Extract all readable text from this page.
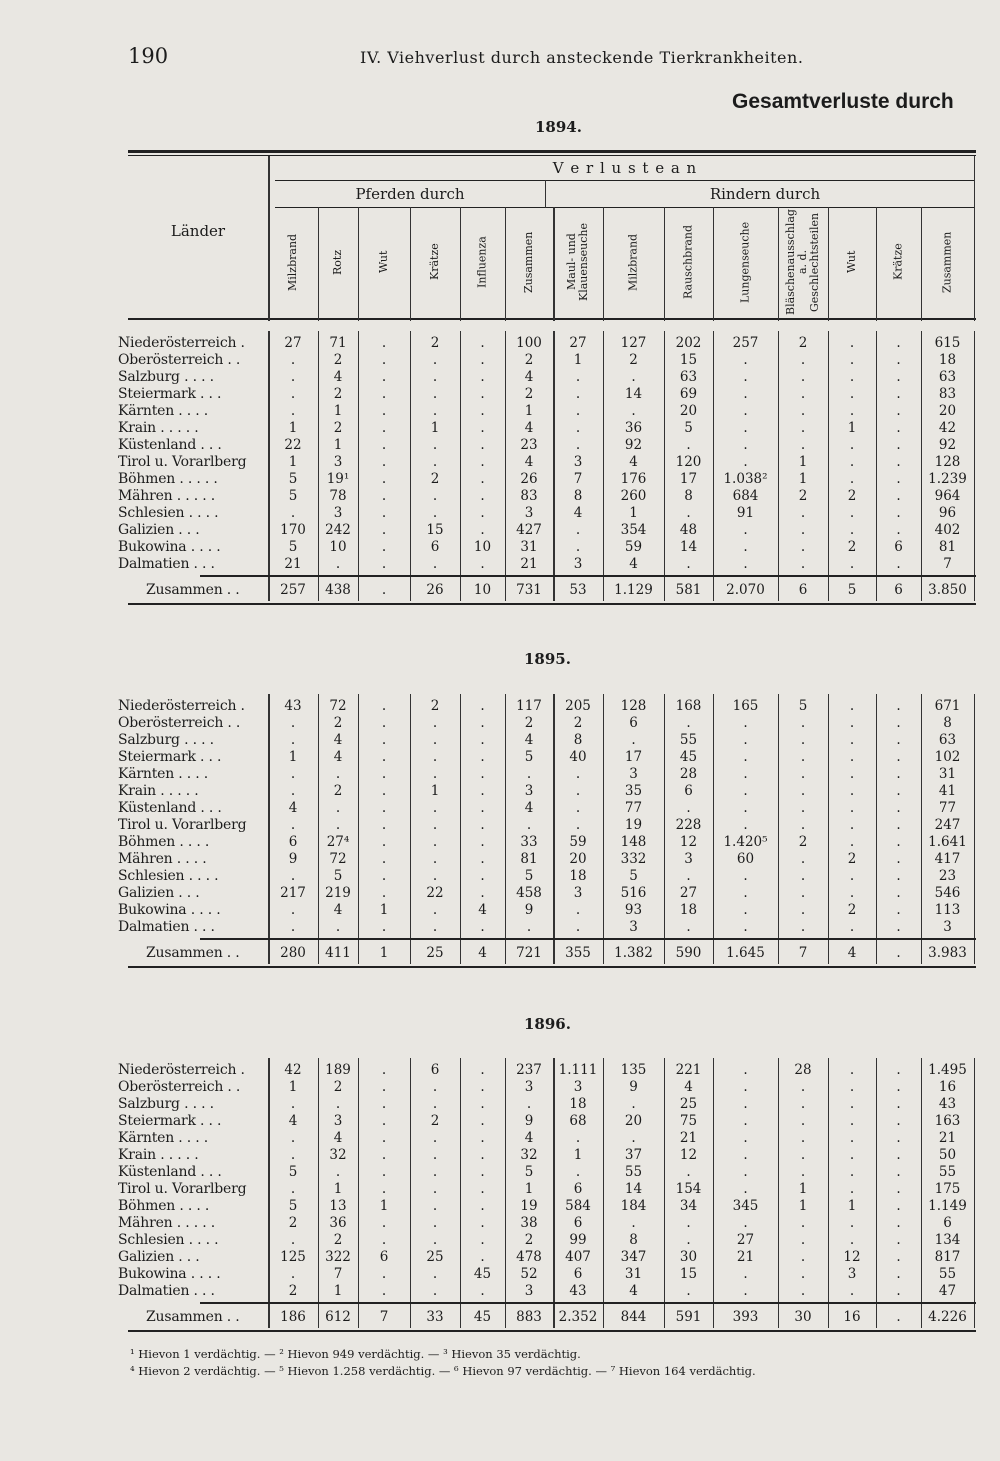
190	IV. Viehverlust durch ansteckende Tierkrankheiten.
Gesamtverluste durch
1894.
Länder
V e r l u s t e a n
Pferden durch	Rindern durch
Milzbrand	Rotz	Wut	Krätze	Influenza	Zusammen	Maul- und Klauenseuche	Milzbrand	Rauschbrand	Lungenseuche	Bläschenausschlag a. d. Geschlechtsteilen	Wut	Krätze	Zusammen
Niederösterreich .	27	71	.	2	.	100	27	127	202	257	2	.	.	615
Oberösterreich . .	.	2	.	.	.	2	1	2	15	.	.	.	.	18
Salzburg . . . .	.	4	.	.	.	4	.	.	63	.	.	.	.	63
Steiermark . . .	.	2	.	.	.	2	.	14	69	.	.	.	.	83
Kärnten . . . .	.	1	.	.	.	1	.	.	20	.	.	.	.	20
Krain . . . . .	1	2	.	1	.	4	.	36	5	.	.	1	.	42
Küstenland . . .	22	1	.	.	.	23	.	92	.	.	.	.	.	92
Tirol u. Vorarlberg	1	3	.	.	.	4	3	4	120	.	1	.	.	128
Böhmen . . . . .	5	19¹	.	2	.	26	7	176	17	1.038²	1	.	.	1.239
Mähren . . . . .	5	78	.	.	.	83	8	260	8	684	2	2	.	964
Schlesien . . . .	.	3	.	.	.	3	4	1	.	91	.	.	.	96
Galizien . . .	170	242	.	15	.	427	.	354	48	.	.	.	.	402
Bukowina . . . .	5	10	.	6	10	31	.	59	14	.	.	2	6	81
Dalmatien . . .	21	.	.	.	.	21	3	4	.	.	.	.	.	7
Zusammen . .	257	438	.	26	10	731	53	1.129	581	2.070	6	5	6	3.850
Niederösterreich .	43	72	.	2	.	117	205	128	168	165	5	.	.	671
Oberösterreich . .	.	2	.	.	.	2	2	6	.	.	.	.	.	8
Salzburg . . . .	.	4	.	.	.	4	8	.	55	.	.	.	.	63
Steiermark . . .	1	4	.	.	.	5	40	17	45	.	.	.	.	102
Kärnten . . . .	.	.	.	.	.	.	.	3	28	.	.	.	.	31
Krain . . . . .	.	2	.	1	.	3	.	35	6	.	.	.	.	41
Küstenland . . .	4	.	.	.	.	4	.	77	.	.	.	.	.	77
Tirol u. Vorarlberg	.	.	.	.	.	.	.	19	228	.	.	.	.	247
Böhmen . . . .	6	27⁴	.	.	.	33	59	148	12	1.420⁵	2	.	.	1.641
Mähren . . . .	9	72	.	.	.	81	20	332	3	60	.	2	.	417
Schlesien . . . .	.	5	.	.	.	5	18	5	.	.	.	.	.	23
Galizien . . .	217	219	.	22	.	458	3	516	27	.	.	.	.	546
Bukowina . . . .	.	4	1	.	4	9	.	93	18	.	.	2	.	113
Dalmatien . . .	.	.	.	.	.	.	.	3	.	.	.	.	.	3
Zusammen . .	280	411	1	25	4	721	355	1.382	590	1.645	7	4	.	3.983
Niederösterreich .	42	189	.	6	.	237	1.111	135	221	.	28	.	.	1.495
Oberösterreich . .	1	2	.	.	.	3	3	9	4	.	.	.	.	16
Salzburg . . . .	.	.	.	.	.	.	18	.	25	.	.	.	.	43
Steiermark . . .	4	3	.	2	.	9	68	20	75	.	.	.	.	163
Kärnten . . . .	.	4	.	.	.	4	.	.	21	.	.	.	.	21
Krain . . . . .	.	32	.	.	.	32	1	37	12	.	.	.	.	50
Küstenland . . .	5	.	.	.	.	5	.	55	.	.	.	.	.	55
Tirol u. Vorarlberg	.	1	.	.	.	1	6	14	154	.	1	.	.	175
Böhmen . . . .	5	13	1	.	.	19	584	184	34	345	1	1	.	1.149
Mähren . . . . .	2	36	.	.	.	38	6	.	.	.	.	.	.	6
Schlesien . . . .	.	2	.	.	.	2	99	8	.	27	.	.	.	134
Galizien . . .	125	322	6	25	.	478	407	347	30	21	.	12	.	817
Bukowina . . . .	.	7	.	.	45	52	6	31	15	.	.	3	.	55
Dalmatien . . .	2	1	.	.	.	3	43	4	.	.	.	.	.	47
Zusammen . .	186	612	7	33	45	883	2.352	844	591	393	30	16	.	4.226
1895.
1896.
¹ Hievon 1 verdächtig. — ² Hievon 949 verdächtig. — ³ Hievon 35 verdächtig.
⁴ Hievon 2 verdächtig. — ⁵ Hievon 1.258 verdächtig. — ⁶ Hievon 97 verdächtig. — ⁷ Hievon 164 verdächtig.
